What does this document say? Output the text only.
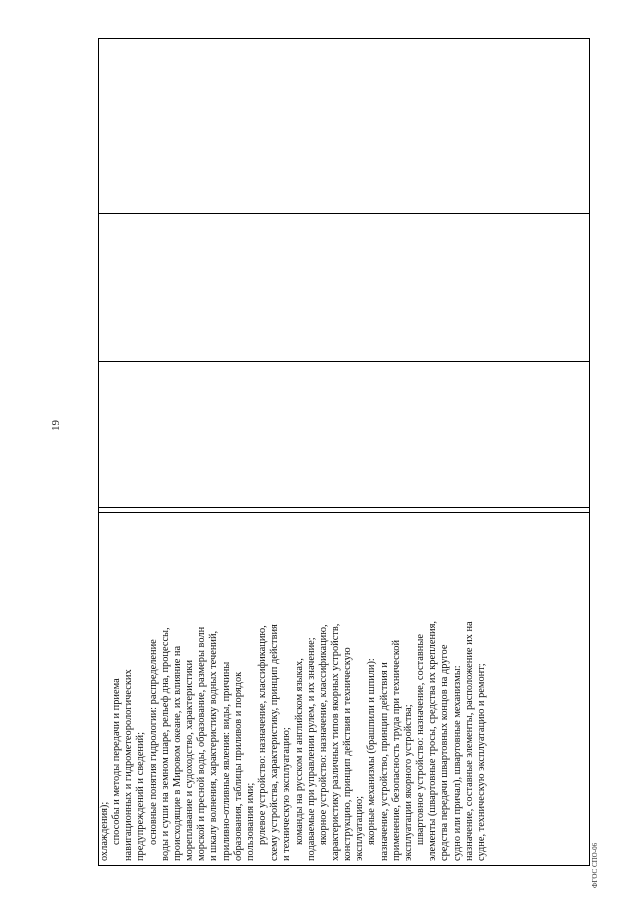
19
охлаждения); способы и методы передачи и приема навигационных и гидрометеорологических предупреждений и сведений; основные понятия гидрологии: распределение воды и суши на земном шаре, рельеф дна, процессы, происходящие в Мировом океане, их влияние на мореплавание и судоходство, характеристики морской и пресной воды, образование, размеры волн и шкалу волнения, характеристику водных течений, приливно-отливные явления: виды, причины образования, таблицы приливов и порядок пользования ими; рулевое устройство: назначение, классификацию, схему устройства, характеристику, принцип действия и техническую эксплуатацию; команды на русском и английском языках, подаваемые при управлении рулем, и их значение; якорное устройство: назначение, классификацию, характеристику различных типов якорных устройств, конструкцию, принцип действия и техническую эксплуатацию; якорные механизмы (брашпили и шпили): назначение, устройство, принцип действия и применение, безопасность труда при технической эксплуатации якорного устройства; швартовное устройство: назначение, составные элементы (швартовные тросы, средства их крепления, средства передачи швартовных концов на другое судно или причал), швартовные механизмы: назначение, составные элементы, расположение их на судне, техническую эксплуатацию и ремонт;
ФГОС СПО-06
